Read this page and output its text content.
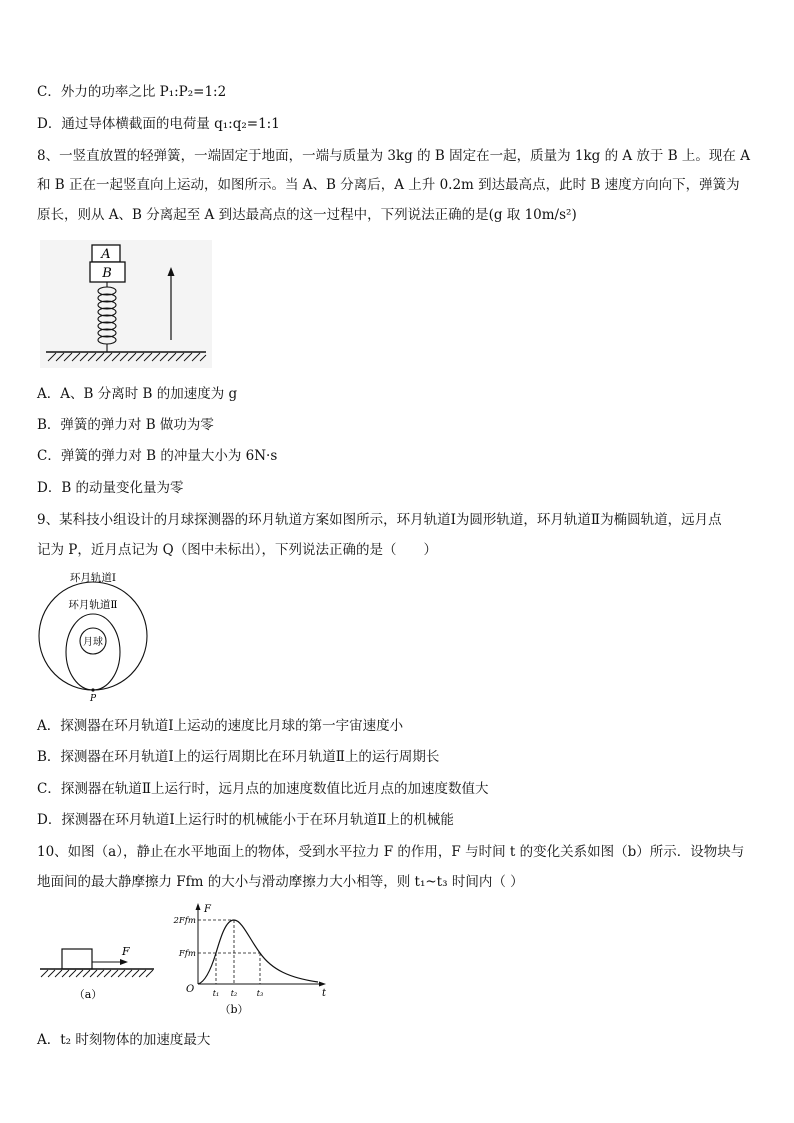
C．外力的功率之比 P₁:P₂=1:2
D．通过导体横截面的电荷量 q₁:q₂=1:1
8、一竖直放置的轻弹簧，一端固定于地面，一端与质量为 3kg 的 B 固定在一起，质量为 1kg 的 A 放于 B 上。现在 A
和 B 正在一起竖直向上运动，如图所示。当 A、B 分离后，A 上升 0.2m 到达最高点，此时 B 速度方向向下，弹簧为
原长，则从 A、B 分离起至 A 到达最高点的这一过程中，下列说法正确的是(g 取 10m/s²)
A
B
A．A、B 分离时 B 的加速度为 g
B．弹簧的弹力对 B 做功为零
C．弹簧的弹力对 B 的冲量大小为 6N·s
D．B 的动量变化量为零
9、某科技小组设计的月球探测器的环月轨道方案如图所示，环月轨道Ⅰ为圆形轨道，环月轨道Ⅱ为椭圆轨道，远月点
记为 P，近月点记为 Q（图中未标出），下列说法正确的是（　　）
月球
环月轨道Ⅰ
环月轨道Ⅱ
P
A．探测器在环月轨道Ⅰ上运动的速度比月球的第一宇宙速度小
B．探测器在环月轨道Ⅰ上的运行周期比在环月轨道Ⅱ上的运行周期长
C．探测器在轨道Ⅱ上运行时，远月点的加速度数值比近月点的加速度数值大
D．探测器在环月轨道Ⅰ上运行时的机械能小于在环月轨道Ⅱ上的机械能
10、如图（a），静止在水平地面上的物体，受到水平拉力 F 的作用，F 与时间 t 的变化关系如图（b）所示．设物块与
地面间的最大静摩擦力 Ffm 的大小与滑动摩擦力大小相等，则 t₁~t₃ 时间内（ ）
F
（a）
F
t
O
2Ffm
Ffm
t₁ t₂ t₃
（b）
A．t₂ 时刻物体的加速度最大
